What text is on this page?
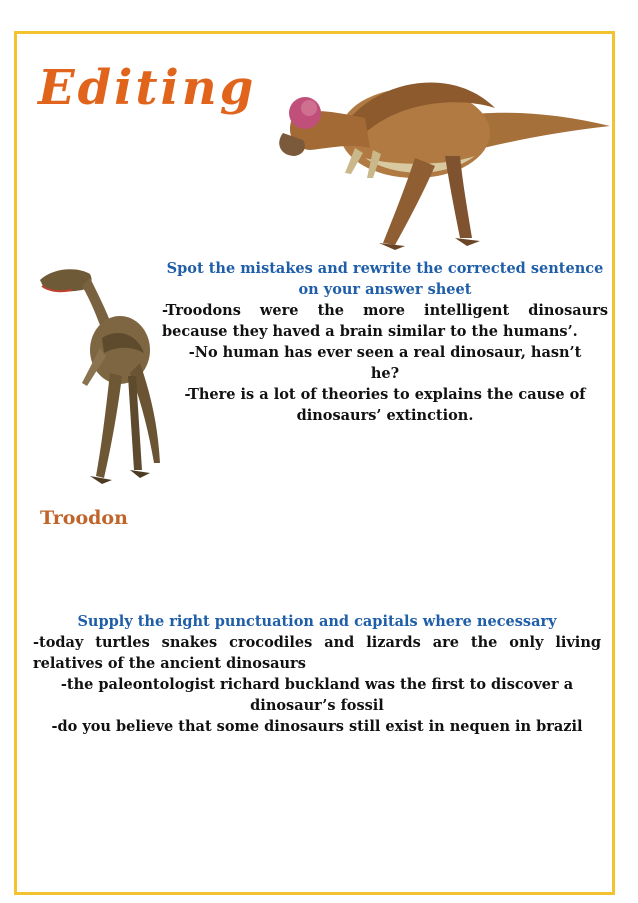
Editing
Troodon
Spot the mistakes and rewrite the corrected sentence on your answer sheet
-Troodons were the more intelligent dinosaurs because they haved a brain similar to the humans’.
-No human has ever seen a real dinosaur, hasn’t he?
-There is a lot of theories to explains the cause of dinosaurs’ extinction.
Supply the right punctuation and capitals where necessary
-today turtles snakes crocodiles and lizards are the only living relatives of the ancient dinosaurs
-the paleontologist richard buckland was the first to discover a dinosaur’s fossil
-do you believe that some dinosaurs still exist in nequen in brazil
